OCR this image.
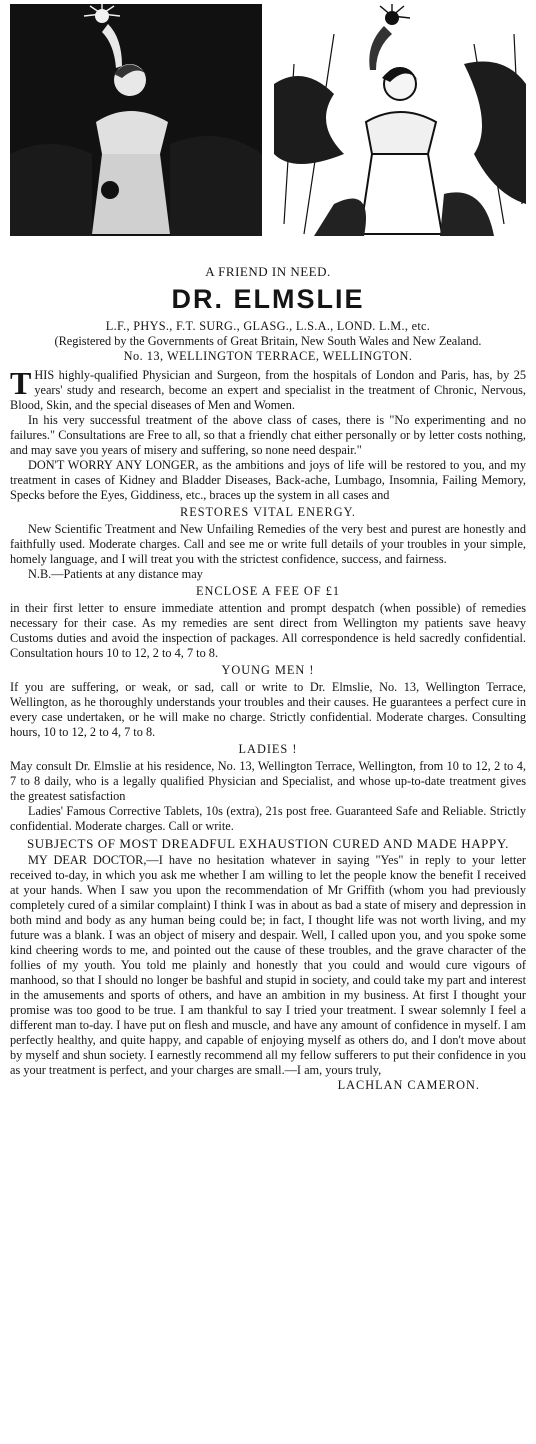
A FRIEND IN NEED.
DR. ELMSLIE
L.F., PHYS., F.T. SURG., GLASG., L.S.A., LOND. L.M., etc.
(Registered by the Governments of Great Britain, New South Wales and New Zealand.
No. 13, WELLINGTON TERRACE, WELLINGTON.

THIS highly-qualified Physician and Surgeon, from the hospitals of London and Paris, has, by 25 years' study and research, become an expert and specialist in the treatment of Chronic, Nervous, Blood, Skin, and the special diseases of Men and Women.

In his very successful treatment of the above class of cases, there is "No experimenting and no failures." Consultations are Free to all, so that a friendly chat either personally or by letter costs nothing, and may save you years of misery and suffering, so none need despair."

DON'T WORRY ANY LONGER, as the ambitions and joys of life will be restored to you, and my treatment in cases of Kidney and Bladder Diseases, Back-ache, Lumbago, Insomnia, Failing Memory, Specks before the Eyes, Giddiness, etc., braces up the system in all cases and

RESTORES VITAL ENERGY.

New Scientific Treatment and New Unfailing Remedies of the very best and purest are honestly and faithfully used. Moderate charges. Call and see me or write full details of your troubles in your simple, homely language, and I will treat you with the strictest confidence, success, and fairness.

N.B.—Patients at any distance may

ENCLOSE A FEE OF £1

in their first letter to ensure immediate attention and prompt despatch (when possible) of remedies necessary for their case. As my remedies are sent direct from Wellington my patients save heavy Customs duties and avoid the inspection of packages. All correspondence is held sacredly confidential. Consultation hours 10 to 12, 2 to 4, 7 to 8.

YOUNG MEN !

If you are suffering, or weak, or sad, call or write to Dr. Elmslie, No. 13, Wellington Terrace, Wellington, as he thoroughly understands your troubles and their causes. He guarantees a perfect cure in every case undertaken, or he will make no charge. Strictly confidential. Moderate charges. Consulting hours, 10 to 12, 2 to 4, 7 to 8.

LADIES !

May consult Dr. Elmslie at his residence, No. 13, Wellington Terrace, Wellington, from 10 to 12, 2 to 4, 7 to 8 daily, who is a legally qualified Physician and Specialist, and whose up-to-date treatment gives the greatest satisfaction

Ladies' Famous Corrective Tablets, 10s (extra), 21s post free. Guaranteed Safe and Reliable. Strictly confidential. Moderate charges. Call or write.

SUBJECTS OF MOST DREADFUL EXHAUSTION CURED AND MADE HAPPY.

MY DEAR DOCTOR,—I have no hesitation whatever in saying "Yes" in reply to your letter received to-day, in which you ask me whether I am willing to let the people know the benefit I received at your hands. When I saw you upon the recommendation of Mr Griffith (whom you had previously completely cured of a similar complaint) I think I was in about as bad a state of misery and depression in both mind and body as any human being could be; in fact, I thought life was not worth living, and my future was a blank. I was an object of misery and despair. Well, I called upon you, and you spoke some kind cheering words to me, and pointed out the cause of these troubles, and the grave character of the follies of my youth. You told me plainly and honestly that you could and would cure vigours of manhood, so that I should no longer be bashful and stupid in society, and could take my part and interest in the amusements and sports of others, and have an ambition in my business. At first I thought your promise was too good to be true. I am thankful to say I tried your treatment. I swear solemnly I feel a different man to-day. I have put on flesh and muscle, and have any amount of confidence in myself. I am perfectly healthy, and quite happy, and capable of enjoying myself as others do, and I don't move about by myself and shun society. I earnestly recommend all my fellow sufferers to put their confidence in you as your treatment is perfect, and your charges are small.—I am, yours truly,

LACHLAN CAMERON.
